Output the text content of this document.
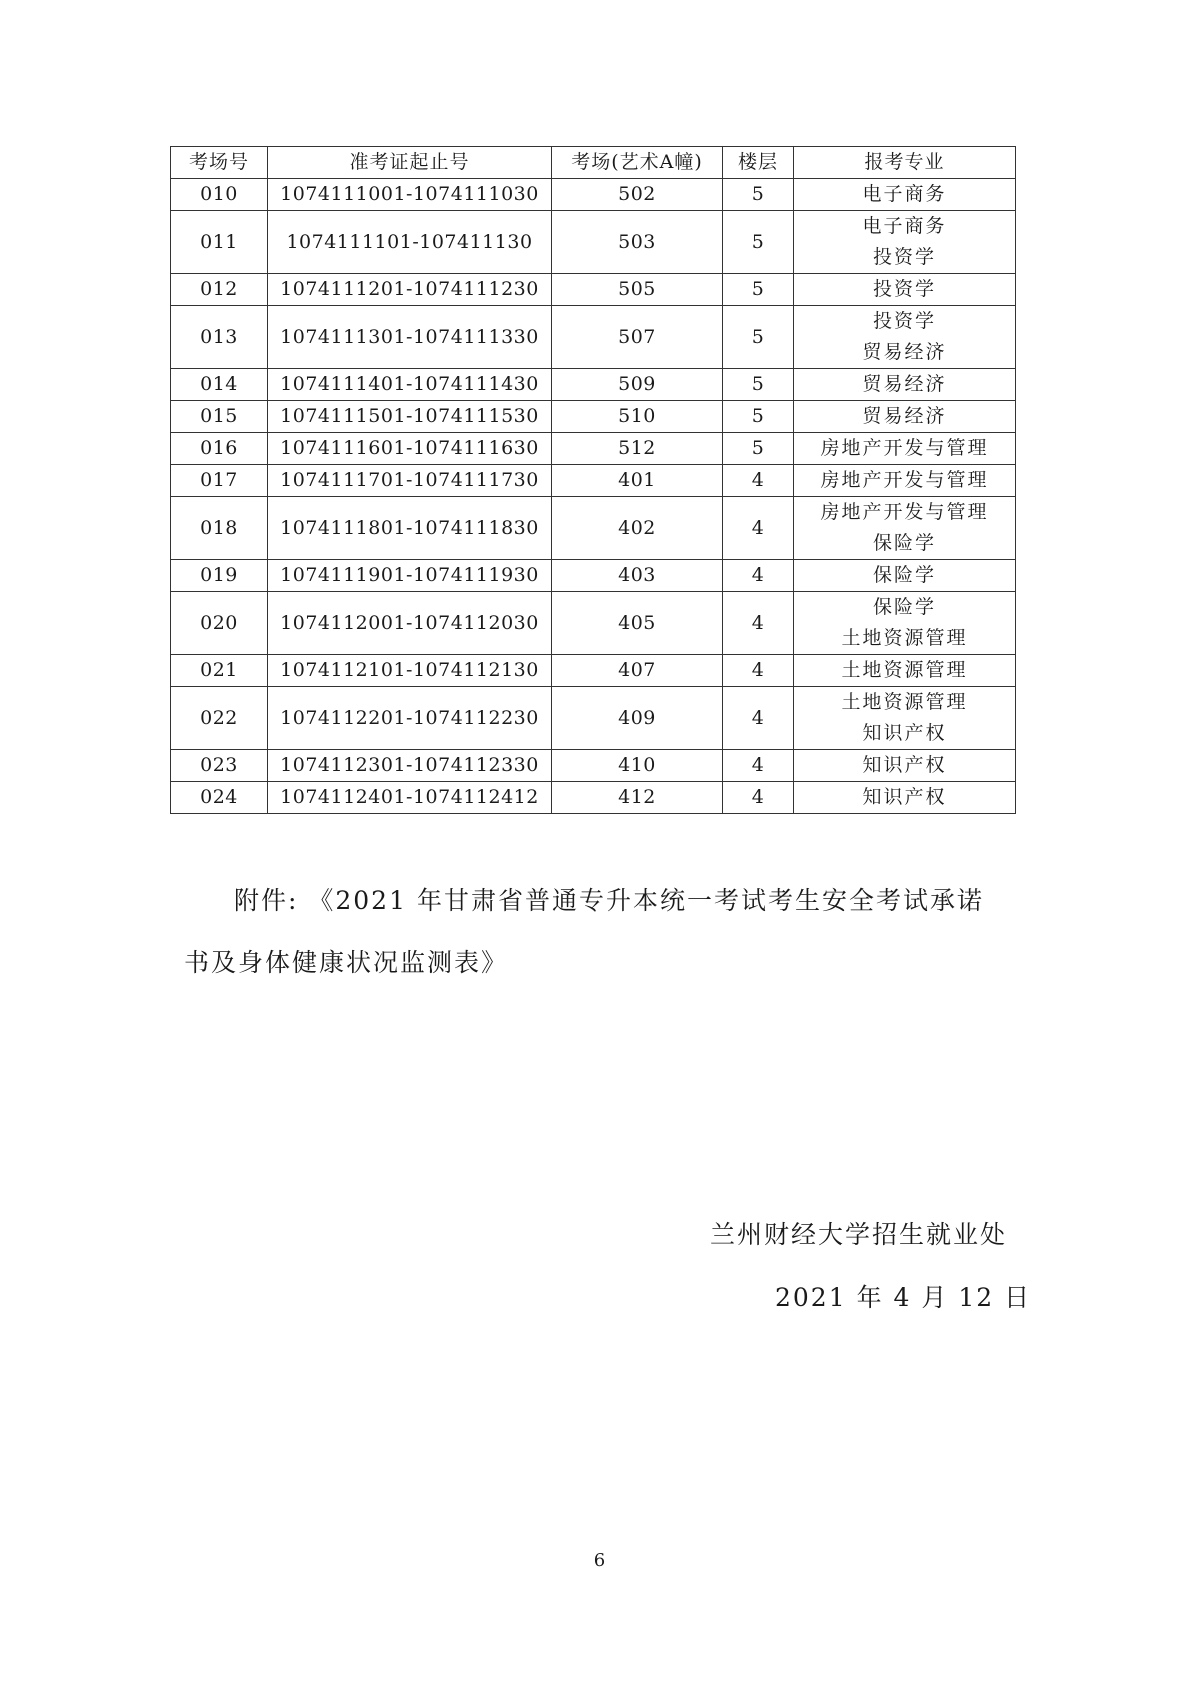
考场号	准考证起止号	考场(艺术A幢)	楼层	报考专业
010	1074111001-1074111030	502	5	电子商务

011	1074111101-107411130	503	5	电子商务
投资学

012	1074111201-1074111230	505	5	投资学

013	1074111301-1074111330	507	5	投资学
贸易经济

014	1074111401-1074111430	509	5	贸易经济

015	1074111501-1074111530	510	5	贸易经济

016	1074111601-1074111630	512	5	房地产开发与管理

017	1074111701-1074111730	401	4	房地产开发与管理

018	1074111801-1074111830	402	4	房地产开发与管理
保险学

019	1074111901-1074111930	403	4	保险学

020	1074112001-1074112030	405	4	保险学
土地资源管理

021	1074112101-1074112130	407	4	土地资源管理

022	1074112201-1074112230	409	4	土地资源管理
知识产权

023	1074112301-1074112330	410	4	知识产权

024	1074112401-1074112412	412	4	知识产权
附件: 《2021 年甘肃省普通专升本统一考试考生安全考试承诺
书及身体健康状况监测表》
兰州财经大学招生就业处
2021 年 4 月 12 日
6
